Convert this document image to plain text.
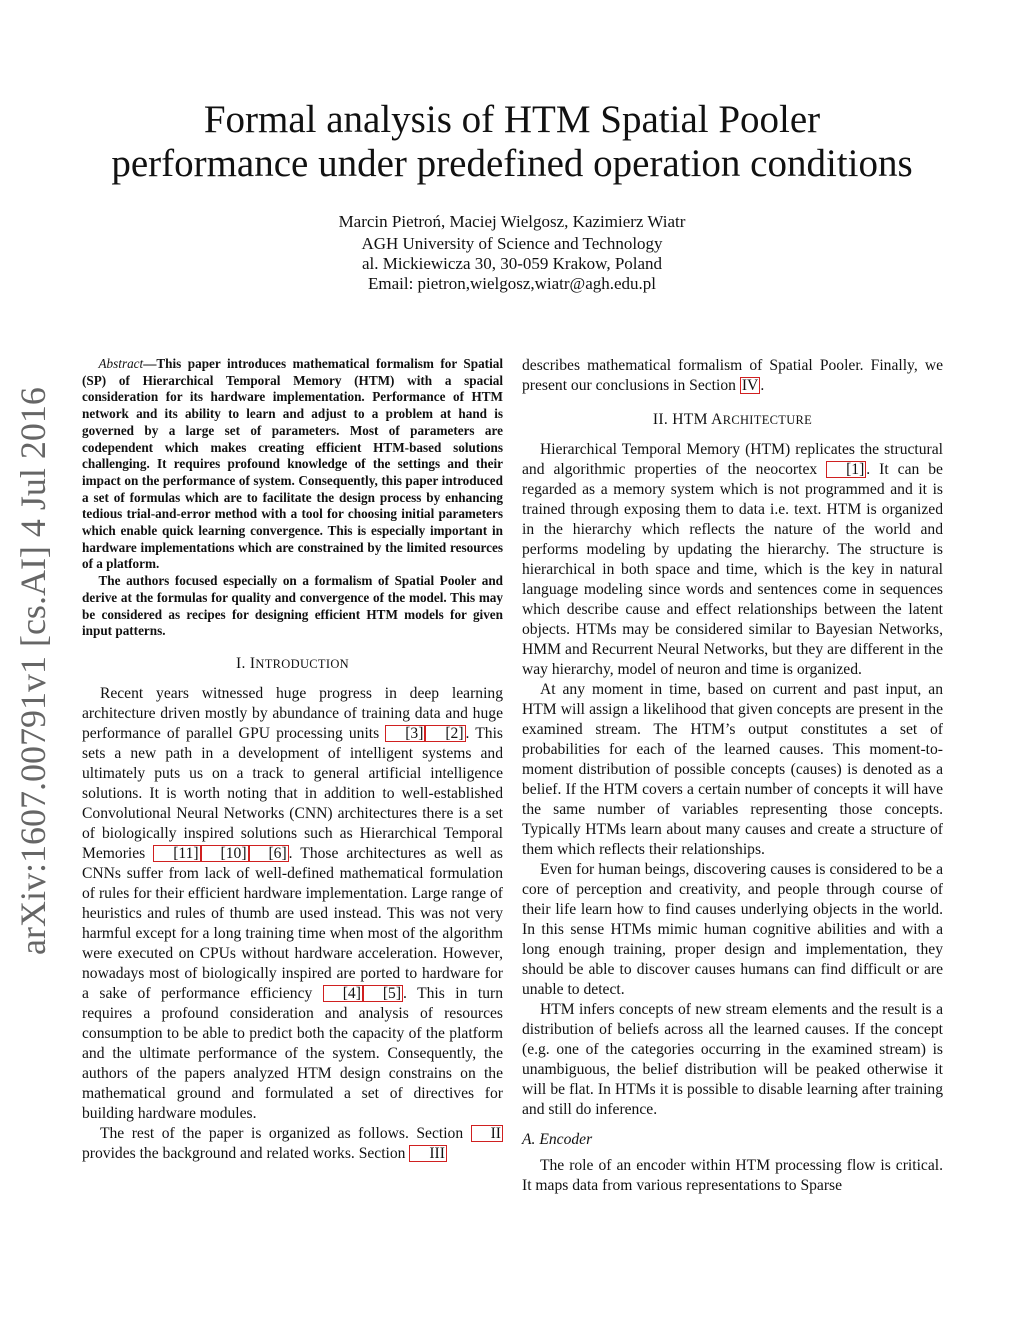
arXiv:1607.00791v1 [cs.AI] 4 Jul 2016
Formal analysis of HTM Spatial Pooler
performance under predefined operation conditions
Marcin Pietroń, Maciej Wielgosz, Kazimierz Wiatr
AGH University of Science and Technology
al. Mickiewicza 30, 30-059 Krakow, Poland
Email: pietron,wielgosz,wiatr@agh.edu.pl

Abstract—This paper introduces mathematical formalism for Spatial (SP) of Hierarchical Temporal Memory (HTM) with a spacial consideration for its hardware implementation. Performance of HTM network and its ability to learn and adjust to a problem at hand is governed by a large set of parameters. Most of parameters are codependent which makes creating efficient HTM-based solutions challenging. It requires profound knowledge of the settings and their impact on the performance of system. Consequently, this paper introduced a set of formulas which are to facilitate the design process by enhancing tedious trial-and-error method with a tool for choosing initial parameters which enable quick learning convergence. This is especially important in hardware implementations which are constrained by the limited resources of a platform.

The authors focused especially on a formalism of Spatial Pooler and derive at the formulas for quality and convergence of the model. This may be considered as recipes for designing efficient HTM models for given input patterns.

I. INTRODUCTION

Recent years witnessed huge progress in deep learning architecture driven mostly by abundance of training data and huge performance of parallel GPU processing units [3] [2] . This sets a new path in a development of intelligent systems and ultimately puts us on a track to general artificial intelligence solutions. It is worth noting that in addition to well-established Convolutional Neural Networks (CNN) architectures there is a set of biologically inspired solutions such as Hierarchical Temporal Memories [11] [10] [6] . Those architectures as well as CNNs suffer from lack of well-defined mathematical formulation of rules for their efficient hardware implementation. Large range of heuristics and rules of thumb are used instead. This was not very harmful except for a long training time when most of the algorithm were executed on CPUs without hardware acceleration. However, nowadays most of biologically inspired are ported to hardware for a sake of performance efficiency [4] [5] . This in turn requires a profound consideration and analysis of resources consumption to be able to predict both the capacity of the platform and the ultimate performance of the system. Consequently, the authors of the papers analyzed HTM design constrains on the mathematical ground and formulated a set of directives for building hardware modules.

The rest of the paper is organized as follows. Section II provides the background and related works. Section III

describes mathematical formalism of Spatial Pooler. Finally, we present our conclusions in Section IV .

II. HTM ARCHITECTURE

Hierarchical Temporal Memory (HTM) replicates the structural and algorithmic properties of the neocortex [1] . It can be regarded as a memory system which is not programmed and it is trained through exposing them to data i.e. text. HTM is organized in the hierarchy which reflects the nature of the world and performs modeling by updating the hierarchy. The structure is hierarchical in both space and time, which is the key in natural language modeling since words and sentences come in sequences which describe cause and effect relationships between the latent objects. HTMs may be considered similar to Bayesian Networks, HMM and Recurrent Neural Networks, but they are different in the way hierarchy, model of neuron and time is organized.

At any moment in time, based on current and past input, an HTM will assign a likelihood that given concepts are present in the examined stream. The HTM’s output constitutes a set of probabilities for each of the learned causes. This moment-to-moment distribution of possible concepts (causes) is denoted as a belief. If the HTM covers a certain number of concepts it will have the same number of variables representing those concepts. Typically HTMs learn about many causes and create a structure of them which reflects their relationships.

Even for human beings, discovering causes is considered to be a core of perception and creativity, and people through course of their life learn how to find causes underlying objects in the world. In this sense HTMs mimic human cognitive abilities and with a long enough training, proper design and implementation, they should be able to discover causes humans can find difficult or are unable to detect.

HTM infers concepts of new stream elements and the result is a distribution of beliefs across all the learned causes. If the concept (e.g. one of the categories occurring in the examined stream) is unambiguous, the belief distribution will be peaked otherwise it will be flat. In HTMs it is possible to disable learning after training and still do inference.

A. Encoder

The role of an encoder within HTM processing flow is critical. It maps data from various representations to Sparse
